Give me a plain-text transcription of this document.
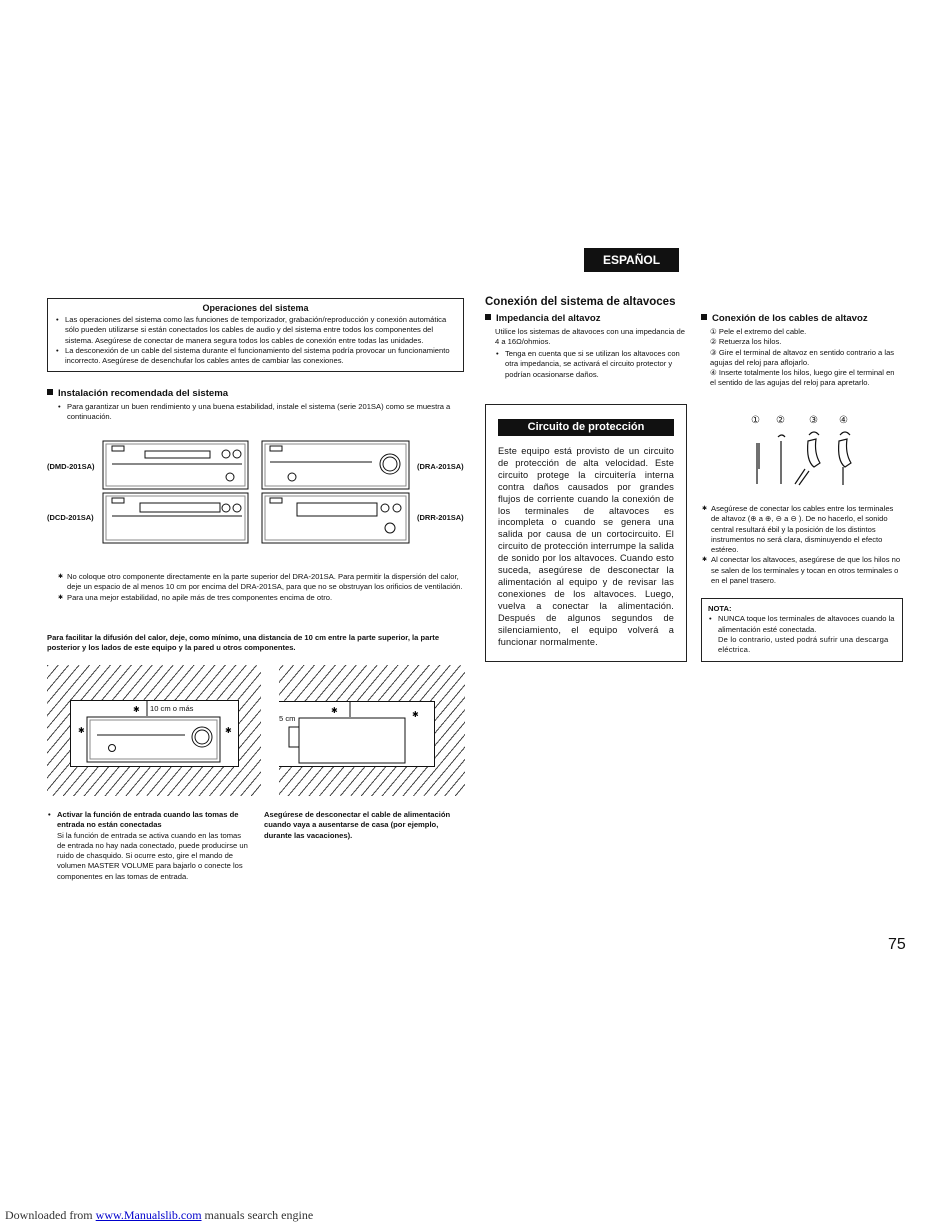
ESPAÑOL
Operaciones del sistema
• Las operaciones del sistema como las funciones de temporizador, grabación/reproducción y conexión automática sólo pueden utilizarse si están conectados los cables de audio y del sistema entre todos los componentes del sistema. Asegúrese de conectar de manera segura todos los cables de conexión entre todas las unidades.
• La desconexión de un cable del sistema durante el funcionamiento del sistema podría provocar un funcionamiento incorrecto. Asegúrese de desenchufar los cables antes de cambiar las conexiones.
Instalación recomendada del sistema
• Para garantizar un buen rendimiento y una buena estabilidad, instale el sistema (serie 201SA) como se muestra a continuación.
(DMD-201SA)	(DRA-201SA)
(DCD-201SA)	(DRR-201SA)
✱ No coloque otro componente directamente en la parte superior del DRA-201SA. Para permitir la dispersión del calor, deje un espacio de al menos 10 cm por encima del DRA-201SA, para que no se obstruyan los orificios de ventilación.
✱ Para una mejor estabilidad, no apile más de tres componentes encima de otro.
Para facilitar la difusión del calor, deje, como mínimo, una distancia de 10 cm entre la parte superior, la parte posterior y los lados de este equipo y la pared u otros componentes.
✱	✱
✱ 10 cm o más
✱
✱
5 cm
• Activar la función de entrada cuando las tomas de entrada no están conectadas
Si la función de entrada se activa cuando en las tomas de entrada no hay nada conectado, puede producirse un ruido de chasquido. Si ocurre esto, gire el mando de volumen MASTER VOLUME para bajarlo o conecte los componentes en las tomas de entrada.
Asegúrese de desconectar el cable de alimentación cuando vaya a ausentarse de casa (por ejemplo, durante las vacaciones).
Conexión del sistema de altavoces
Impedancia del altavoz
Utilice los sistemas de altavoces con una impedancia de 4 a 16Ω/ohmios.
• Tenga en cuenta que si se utilizan los altavoces con otra impedancia, se activará el circuito protector y podrían ocasionarse daños.
Circuito de protección
Este equipo está provisto de un circuito de protección de alta velocidad. Este circuito protege la circuitería interna contra daños causados por grandes flujos de corriente cuando la conexión de los terminales de altavoces es incompleta o cuando se genera una salida por causa de un cortocircuito. El circuito de protección interrumpe la salida de sonido por los altavoces. Cuando esto suceda, asegúrese de desconectar la alimentación al equipo y de revisar las conexiones de los altavoces. Luego, vuelva a conectar la alimentación. Después de algunos segundos de silenciamiento, el equipo volverá a funcionar normalmente.
Conexión de los cables de altavoz
① Pele el extremo del cable.
② Retuerza los hilos.
③ Gire el terminal de altavoz en sentido contrario a las agujas del reloj para aflojarlo.
④ Inserte totalmente los hilos, luego gire el terminal en el sentido de las agujas del reloj para apretarlo.
① ② ③ ④
✱ Asegúrese de conectar los cables entre los terminales de altavoz (⊕ a ⊕, ⊖ a ⊖ ). De no hacerlo, el sonido central resultará ébil y la posición de los distintos instrumentos no será clara, disminuyendo el efecto estéreo.
✱ Al conectar los altavoces, asegúrese de que los hilos no se salen de los terminales y tocan en otros terminales o en el panel trasero.
NOTA:
• NUNCA toque los terminales de altavoces cuando la alimentación esté conectada.
De lo contrario, usted podrá sufrir una descarga eléctrica.
75
Downloaded from www.Manualslib.com manuals search engine
